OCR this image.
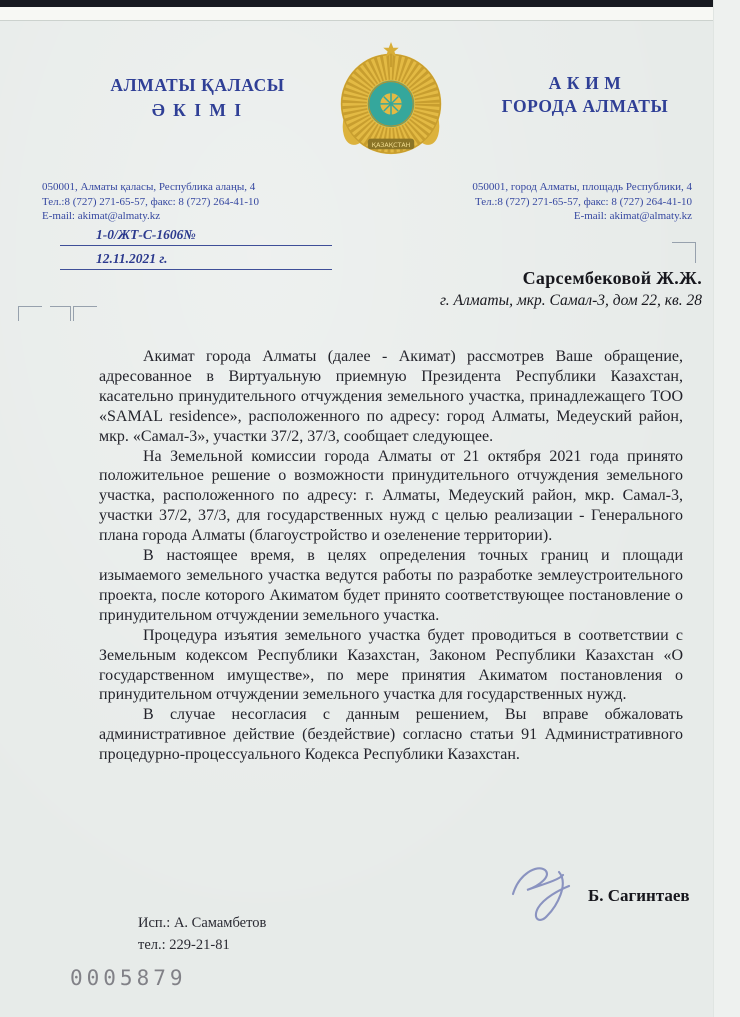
АЛМАТЫ ҚАЛАСЫ
Ә К І М І
ҚАЗАҚСТАН
А К И М
ГОРОДА АЛМАТЫ
050001, Алматы қаласы, Республика алаңы, 4
Тел.:8 (727) 271-65-57, факс: 8 (727) 264-41-10
E-mail: akimat@almaty.kz
050001, город Алматы, площадь Республики, 4
Тел.:8 (727) 271-65-57, факс: 8 (727) 264-41-10
E-mail: akimat@almaty.kz
1-0/ЖТ-С-1606№
12.11.2021 г.
Сарсембековой Ж.Ж.
г. Алматы, мкр. Самал-3, дом 22, кв. 28

Акимат города Алматы (далее - Акимат) рассмотрев Ваше обращение, адресованное в Виртуальную приемную Президента Республики Казахстан, касательно принудительного отчуждения земельного участка, принадлежащего ТОО «SAMAL residence», расположенного по адресу: город Алматы, Медеуский район, мкр. «Самал-3», участки 37/2, 37/3, сообщает следующее.

На Земельной комиссии города Алматы от 21 октября 2021 года принято положительное решение о возможности принудительного отчуждения земельного участка, расположенного по адресу: г. Алматы, Медеуский район, мкр. Самал-3, участки 37/2, 37/3, для государственных нужд с целью реализации - Генерального плана города Алматы (благоустройство и озеленение территории).

В настоящее время, в целях определения точных границ и площади изымаемого земельного участка ведутся работы по разработке землеустроительного проекта, после которого Акиматом будет принято соответствующее постановление о принудительном отчуждении земельного участка.

Процедура изъятия земельного участка будет проводиться в соответствии с Земельным кодексом Республики Казахстан, Законом Республики Казахстан «О государственном имуществе», по мере принятия Акиматом постановления о принудительном отчуждении земельного участка для государственных нужд.

В случае несогласия с данным решением, Вы вправе обжаловать административное действие (бездействие) согласно статьи 91 Административного процедурно-процессуального Кодекса Республики Казахстан.

Б. Сагинтаев
Исп.: А. Самамбетов
тел.: 229-21-81
0005879
